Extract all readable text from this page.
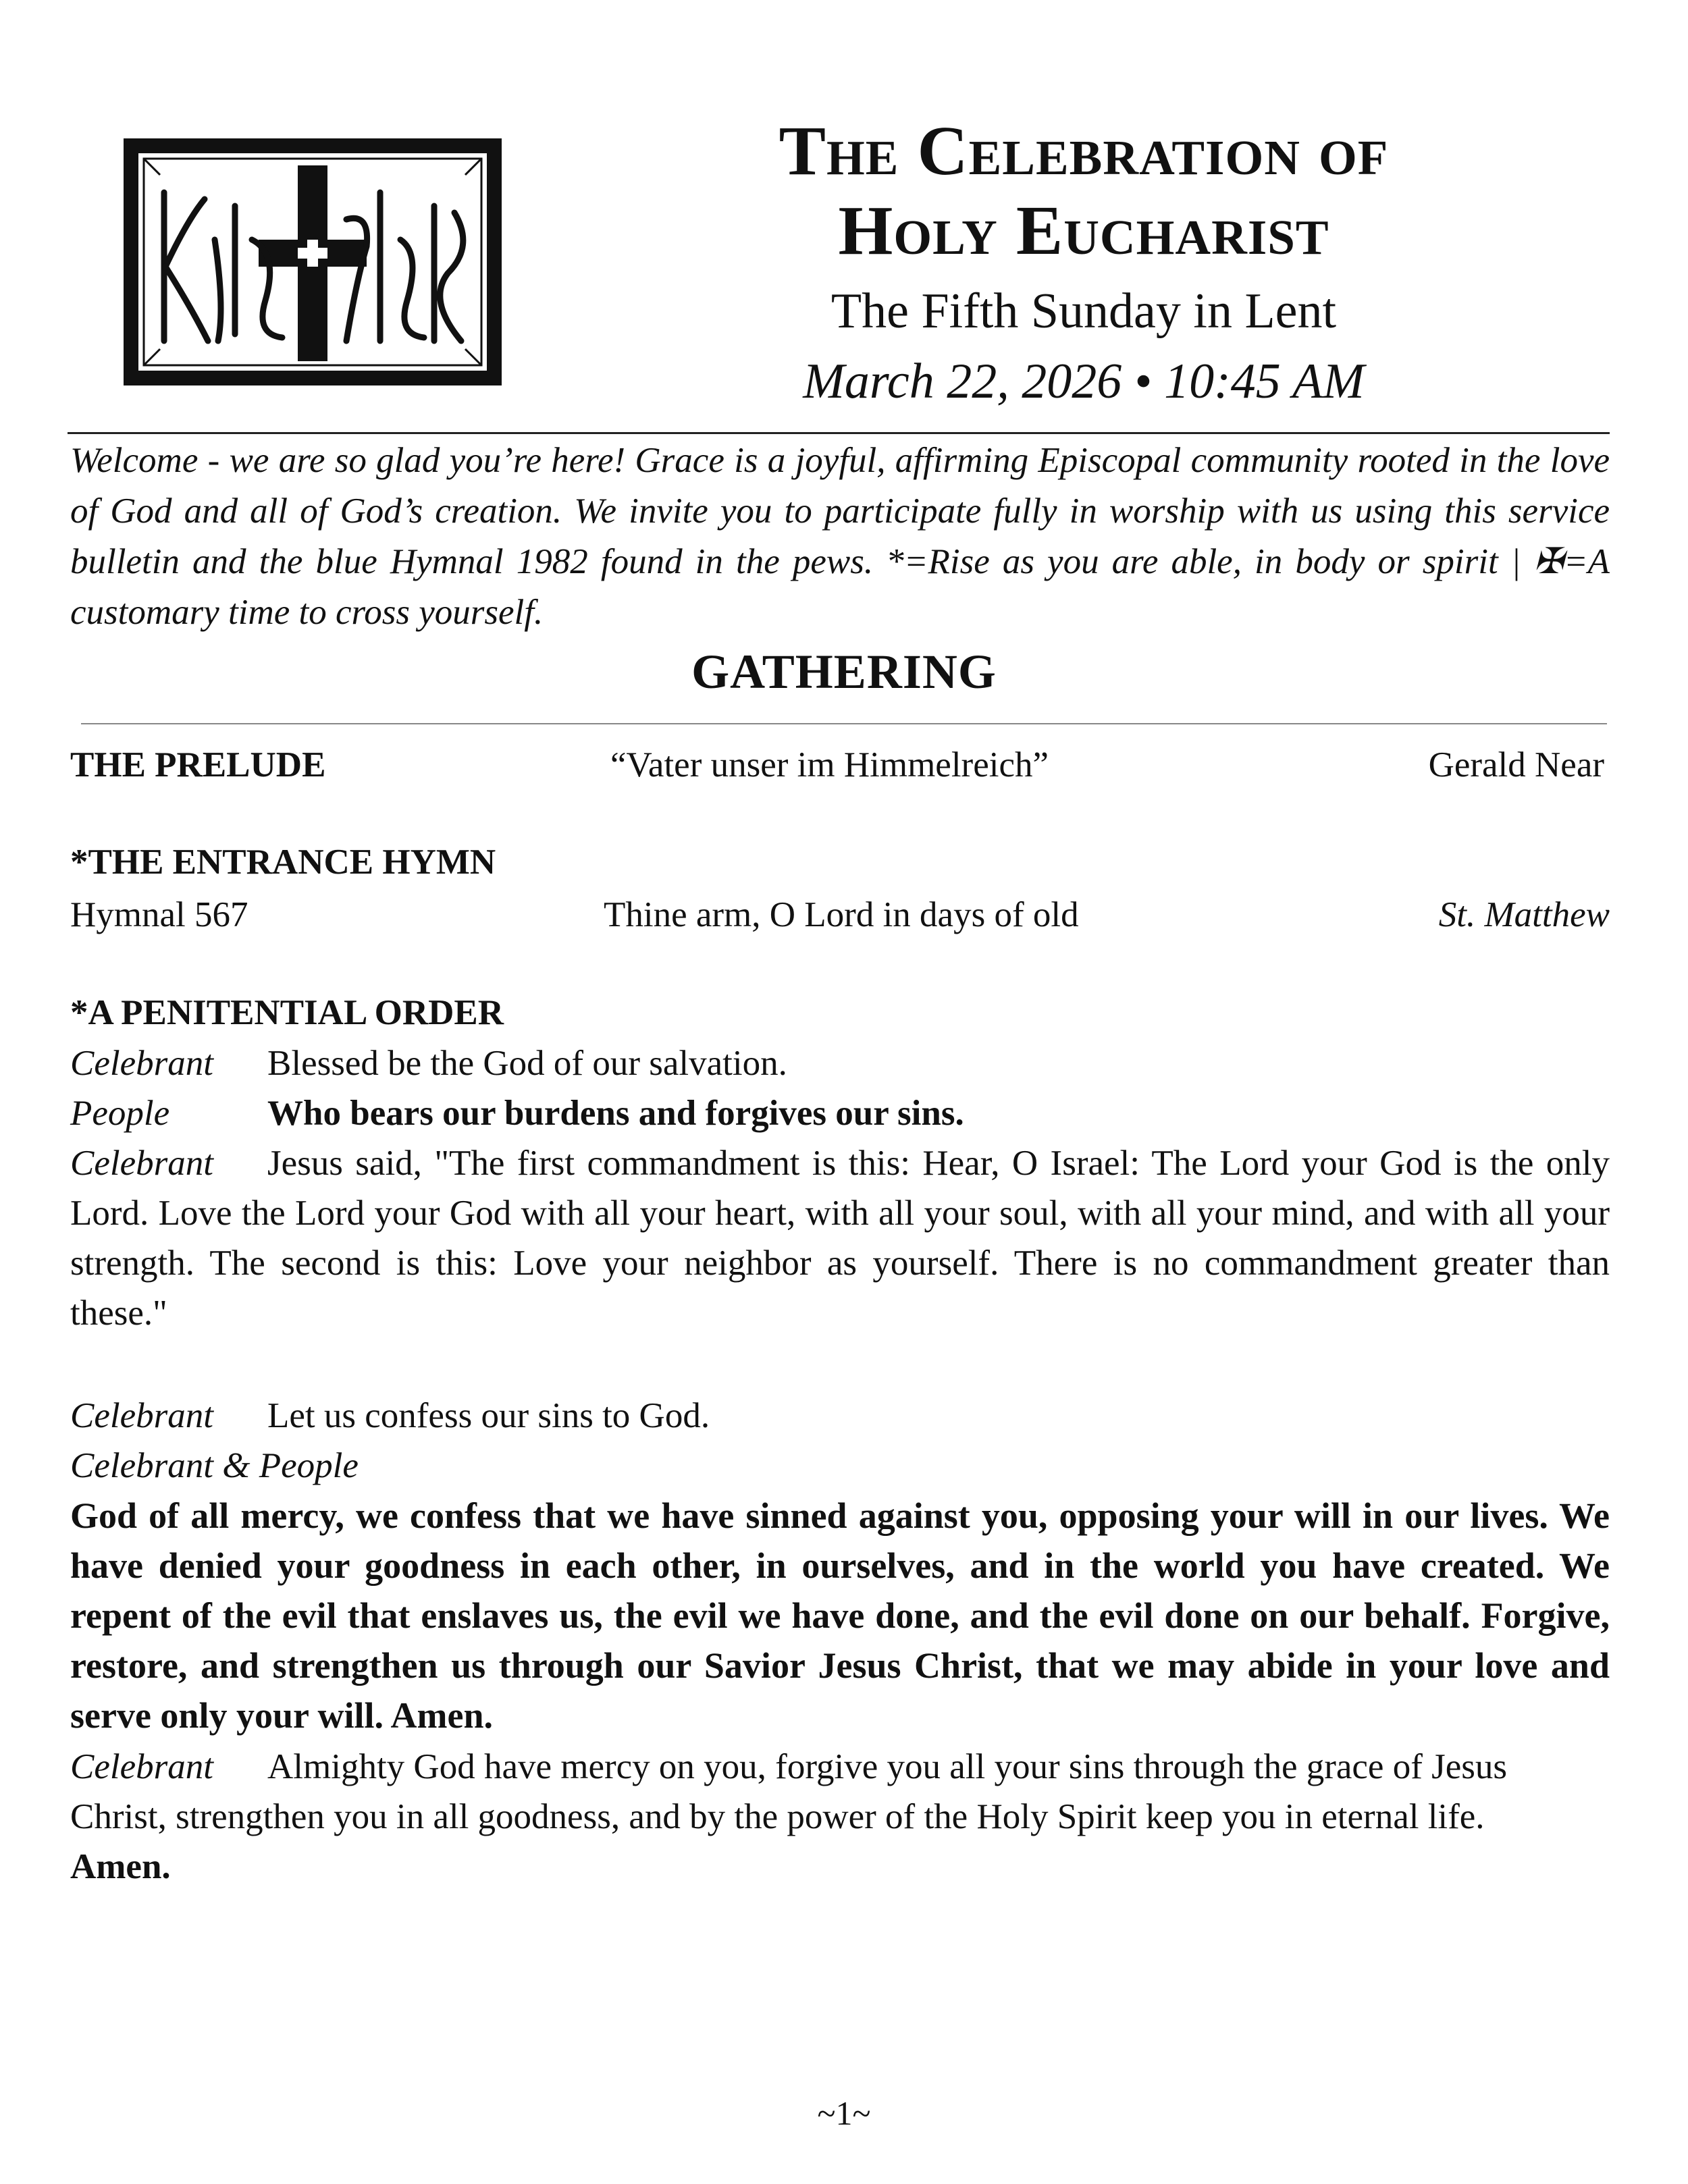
The Celebration of
Holy Eucharist
The Fifth Sunday in Lent
March 22, 2026 • 10:45 AM
Welcome - we are so glad you’re here! Grace is a joyful, affirming Episcopal community rooted in the love of God and all of God’s creation. We invite you to participate fully in worship with us using this service bulletin and the blue Hymnal 1982 found in the pews. *=Rise as you are able, in body or spirit | ✠=A customary time to cross yourself.
GATHERING
THE PRELUDE	“Vater unser im Himmelreich”	Gerald Near
*THE ENTRANCE HYMN
Hymnal 567	Thine arm, O Lord in days of old	St. Matthew
*A PENITENTIAL ORDER
Celebrant Blessed be the God of our salvation.
People	Who bears our burdens and forgives our sins.
Celebrant Jesus said, "The first commandment is this: Hear, O Israel: The Lord your God is the only Lord. Love the Lord your God with all your heart, with all your soul, with all your mind, and with all your strength. The second is this: Love your neighbor as yourself. There is no commandment greater than these."
Celebrant Let us confess our sins to God.
Celebrant & People
God of all mercy, we confess that we have sinned against you, opposing your will in our lives. We have denied your goodness in each other, in ourselves, and in the world you have created. We repent of the evil that enslaves us, the evil we have done, and the evil done on our behalf. Forgive, restore, and strengthen us through our Savior Jesus Christ, that we may abide in your love and serve only your will. Amen.
Celebrant Almighty God have mercy on you, forgive you all your sins through the grace of Jesus
Christ, strengthen you in all goodness, and by the power of the Holy Spirit keep you in eternal life.
Amen.
~1~
